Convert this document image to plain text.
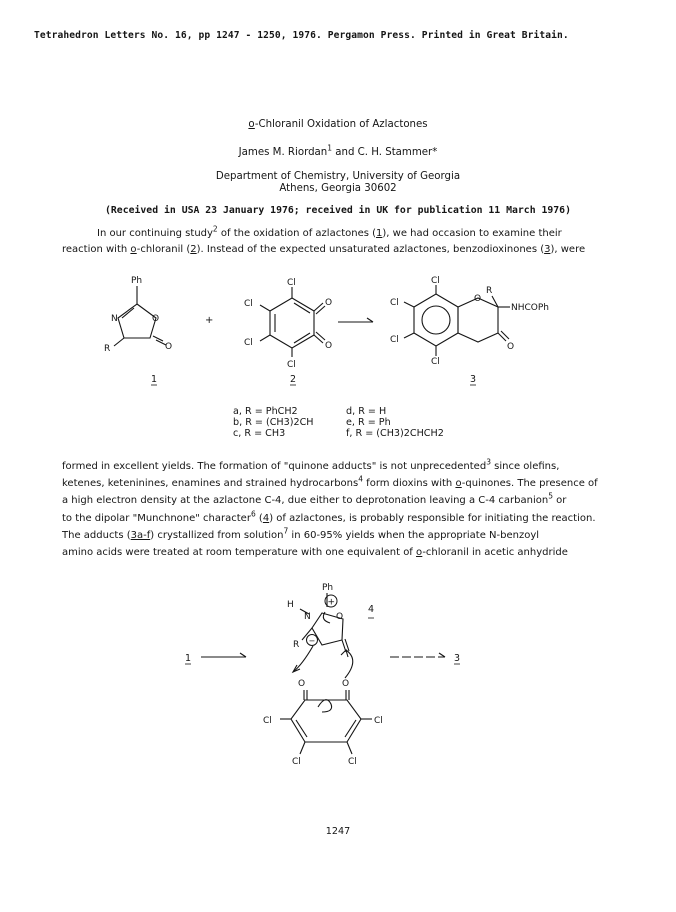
Tetrahedron Letters No. 16, pp 1247 - 1250, 1976. Pergamon Press. Printed in Great Britain.
o-Chloranil Oxidation of Azlactones
James M. Riordan$^1$ and C. H. Stammer*
Department of Chemistry, University of Georgia
Athens, Georgia 30602
(Received in USA 23 January 1976; received in UK for publication 11 March 1976)
In our continuing study$^2$ of the oxidation of azlactones (1), we had occasion to examine their
reaction with o-chloranil (2). Instead of the expected unsaturated azlactones, benzodioxinones (3), were
Ph
N	O
R	O
+
Cl
Cl
Cl
Cl
O
O
Cl
Cl
Cl
Cl
O
R
NHCOPh
O
1	2	3
a, R = PhCH2
b, R = (CH3)2CH
c, R = CH3
d, R = H
e, R = Ph
f, R = (CH3)2CHCH2
formed in excellent yields. The formation of "quinone adducts" is not unprecedented$^3$ since olefins,
ketenes, keteninines, enamines and strained hydrocarbons$^4$ form dioxins with o-quinones. The presence of
a high electron density at the azlactone C-4, due either to deprotonation leaving a C-4 carbanion$^5$ or
to the dipolar "Munchnone" character$^6$ (4) of azlactones, is probably responsible for initiating the reaction.
The adducts (3a-f) crystallized from solution$^7$ in 60-95% yields when the appropriate N-benzoyl
amino acids were treated at room temperature with one equivalent of o-chloranil in acetic anhydride
Ph
H
N
+
O
R −
4
1	3
O	O
Cl	Cl
Cl	Cl
1247
